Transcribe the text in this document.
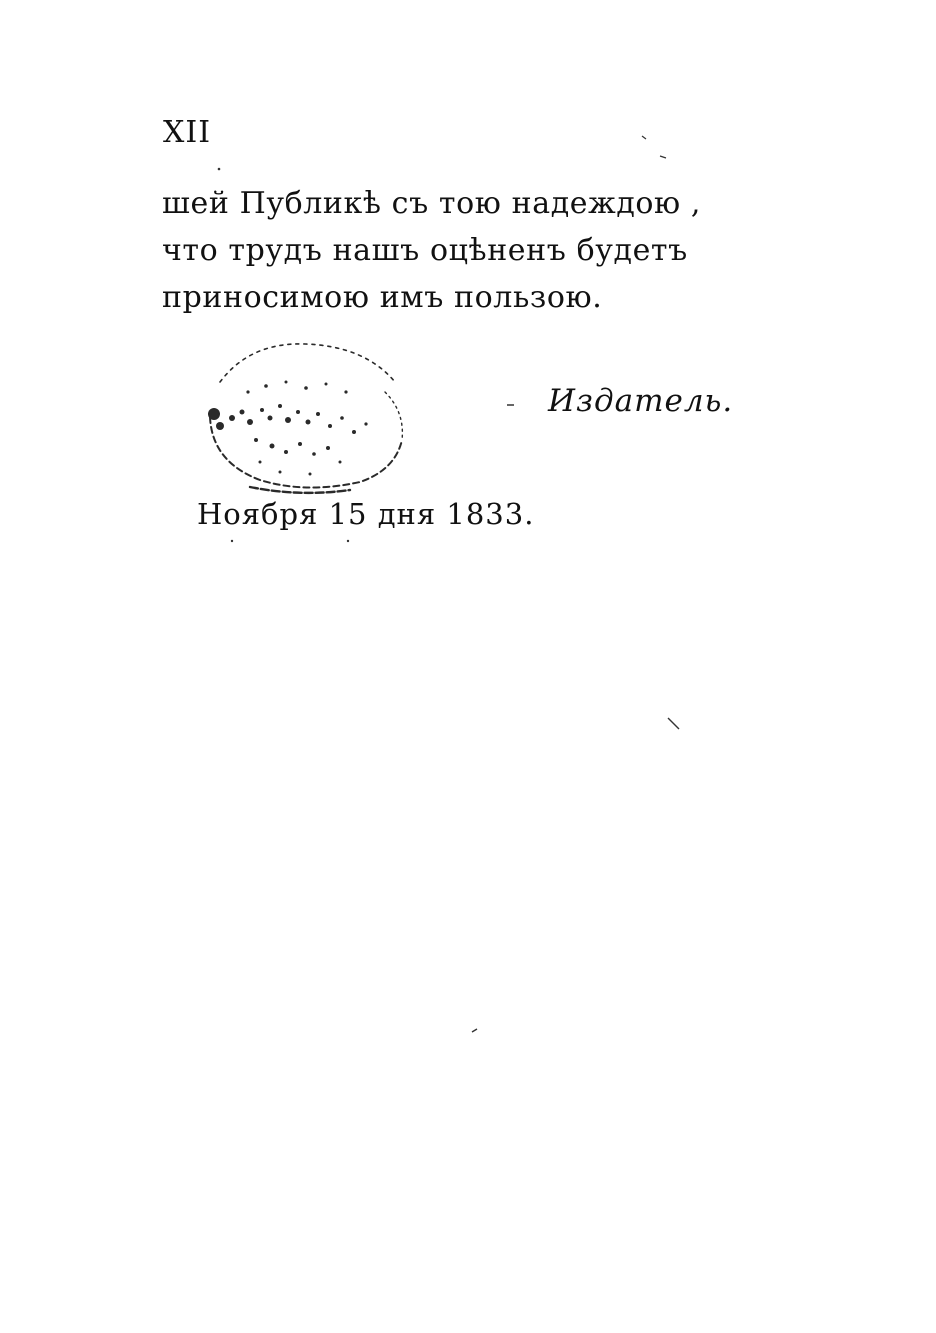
XII
шей Публикѣ съ тою надеждою ,
что трудъ нашъ оцѣненъ будетъ
приносимою имъ пользою.
Издатель.
Ноября 15 дня 1833.
